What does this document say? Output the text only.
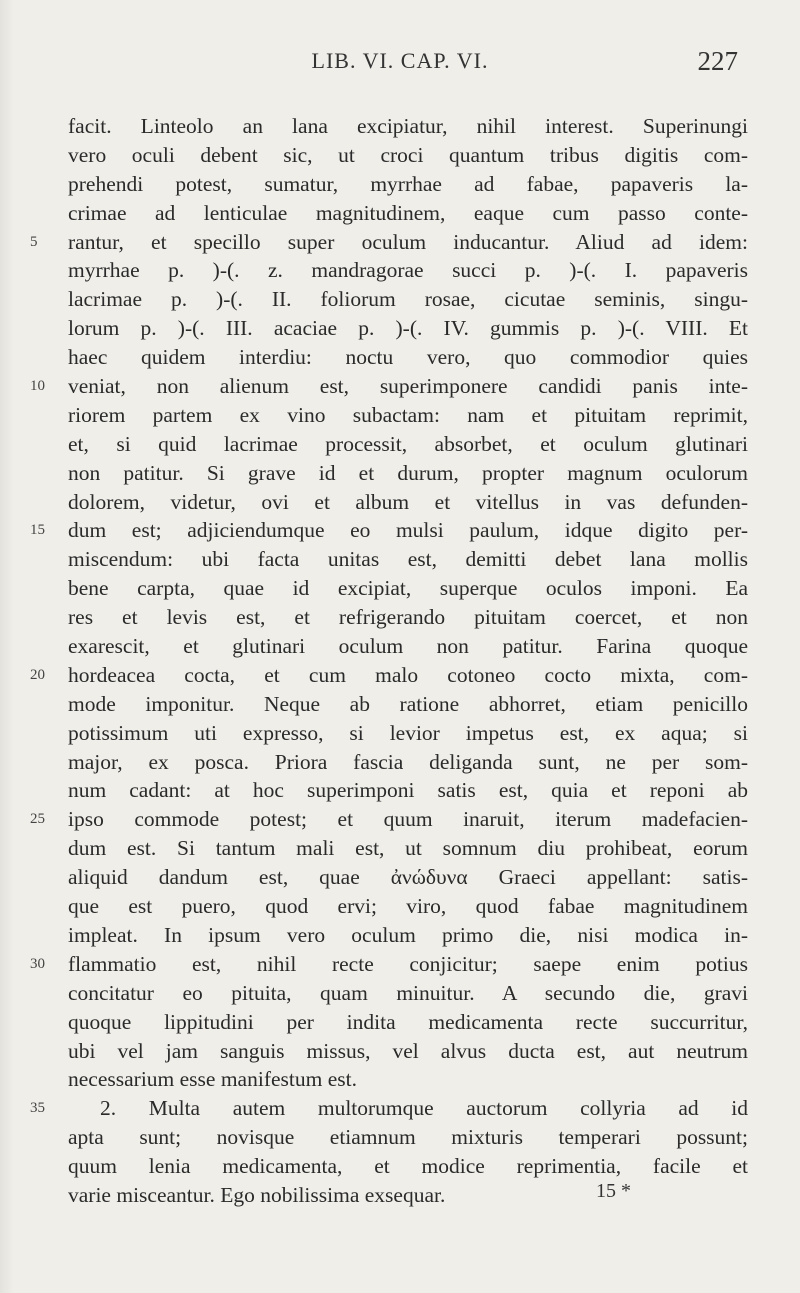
LIB. VI. CAP. VI.	227
facit. Linteolo an lana excipiatur, nihil interest. Superinungi
vero oculi debent sic, ut croci quantum tribus digitis com-
prehendi potest, sumatur, myrrhae ad fabae, papaveris la-
crimae ad lenticulae magnitudinem, eaque cum passo conte-
5	rantur, et specillo super oculum inducantur. Aliud ad idem:
myrrhae p. )-(. z. mandragorae succi p. )-(. I. papaveris
lacrimae p. )-(. II. foliorum rosae, cicutae seminis, singu-
lorum p. )-(. III. acaciae p. )-(. IV. gummis p. )-(. VIII. Et
haec quidem interdiu: noctu vero, quo commodior quies
10	veniat, non alienum est, superimponere candidi panis inte-
riorem partem ex vino subactam: nam et pituitam reprimit,
et, si quid lacrimae processit, absorbet, et oculum glutinari
non patitur. Si grave id et durum, propter magnum oculorum
dolorem, videtur, ovi et album et vitellus in vas defunden-
15	dum est; adjiciendumque eo mulsi paulum, idque digito per-
miscendum: ubi facta unitas est, demitti debet lana mollis
bene carpta, quae id excipiat, superque oculos imponi. Ea
res et levis est, et refrigerando pituitam coercet, et non
exarescit, et glutinari oculum non patitur. Farina quoque
20	hordeacea cocta, et cum malo cotoneo cocto mixta, com-
mode imponitur. Neque ab ratione abhorret, etiam penicillo
potissimum uti expresso, si levior impetus est, ex aqua; si
major, ex posca. Priora fascia deliganda sunt, ne per som-
num cadant: at hoc superimponi satis est, quia et reponi ab
25	ipso commode potest; et quum inaruit, iterum madefacien-
dum est. Si tantum mali est, ut somnum diu prohibeat, eorum
aliquid dandum est, quae ἀνώδυνα Graeci appellant: satis-
que est puero, quod ervi; viro, quod fabae magnitudinem
impleat. In ipsum vero oculum primo die, nisi modica in-
30	flammatio est, nihil recte conjicitur; saepe enim potius
concitatur eo pituita, quam minuitur. A secundo die, gravi
quoque lippitudini per indita medicamenta recte succurritur,
ubi vel jam sanguis missus, vel alvus ducta est, aut neutrum
necessarium esse manifestum est.
35	2. Multa autem multorumque auctorum collyria ad id
apta sunt; novisque etiamnum mixturis temperari possunt;
quum lenia medicamenta, et modice reprimentia, facile et
varie misceantur. Ego nobilissima exsequar.	15 *
